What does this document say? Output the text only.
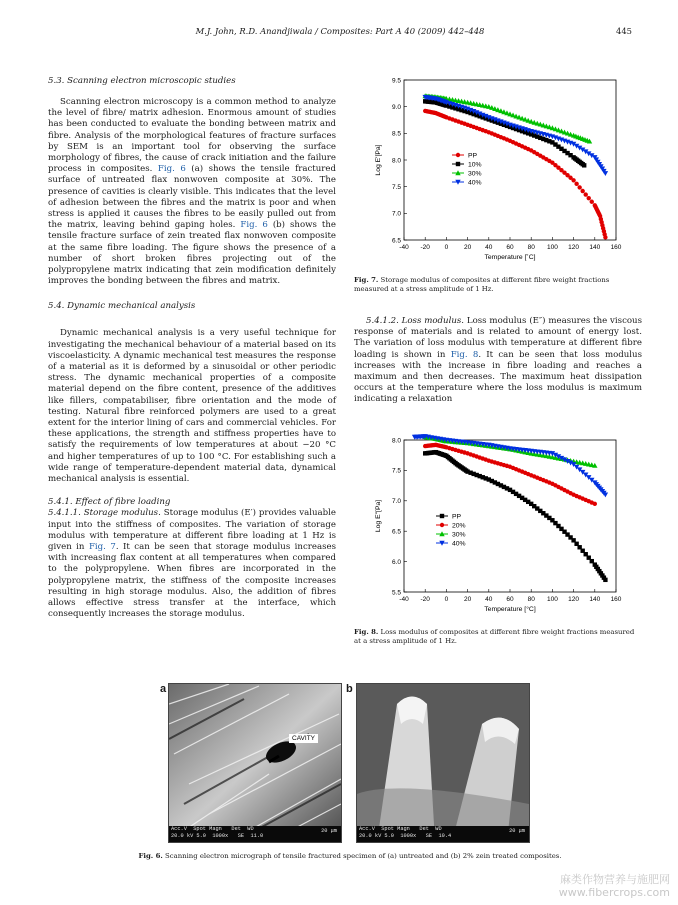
M.J. John, R.D. Anandjiwala / Composites: Part A 40 (2009) 442–448	445
5.3. Scanning electron microscopic studies

Scanning electron microscopy is a common method to analyze the level of fibre/ matrix adhesion. Enormous amount of studies has been conducted to evaluate the bonding between matrix and fibre. Analysis of the morphological features of fracture surfaces by SEM is an important tool for observing the surface morphology of fibres, the cause of crack initiation and the failure process in composites. Fig. 6 (a) shows the tensile fractured surface of untreated flax nonwoven composite at 30%. The presence of cavities is clearly visible. This indicates that the level of adhesion between the fibres and the matrix is poor and when stress is applied it causes the fibres to be easily pulled out from the matrix, leaving behind gaping holes. Fig. 6 (b) shows the tensile fracture surface of zein treated flax nonwoven composite at the same fibre loading. The figure shows the presence of a number of short broken fibres projecting out of the polypropylene matrix indicating that zein modification definitely improves the bonding between the fibres and matrix.

5.4. Dynamic mechanical analysis

Dynamic mechanical analysis is a very useful technique for investigating the mechanical behaviour of a material based on its viscoelasticity. A dynamic mechanical test measures the response of a material as it is deformed by a sinusoidal or other periodic stress. The dynamic mechanical properties of a composite material depend on the fibre content, presence of the additives like fillers, compatabiliser, fibre orientation and the mode of testing. Natural fibre reinforced polymers are used to a great extent for the interior lining of cars and commercial vehicles. For these applications, the strength and stiffness properties have to satisfy the requirements of low temperatures at about −20 °C and higher temperatures of up to 100 °C. For establishing such a wide range of temperature-dependent material data, dynamical mechanical analysis is essential.

5.4.1. Effect of fibre loading

5.4.1.1. Storage modulus. Storage modulus (E′) provides valuable input into the stiffness of composites. The variation of storage modulus with temperature at different fibre loading at 1 Hz is given in Fig. 7. It can be seen that storage modulus increases with increasing flax content at all temperatures when compared to the polypropylene. When fibres are incorporated in the polypropylene matrix, the stiffness of the composite increases resulting in high storage modulus. Also, the addition of fibres allows effective stress transfer at the interface, which consequently increases the storage modulus.

-40 -20 0 20 40 60 80 100 120 140 160
6.5
7.0
7.5
8.0
8.5
9.0
9.5
Temperature [˚C]
Log E'[Pa]	PP
10%
30%
40%
Fig. 7. Storage modulus of composites at different fibre weight fractions measured at a stress amplitude of 1 Hz.

5.4.1.2. Loss modulus. Loss modulus (E″) measures the viscous response of materials and is related to amount of energy lost. The variation of loss modulus with temperature at different fibre loading is shown in Fig. 8. It can be seen that loss modulus increases with the increase in fibre loading and reaches a maximum and then decreases. The maximum heat dissipation occurs at the temperature where the loss modulus is maximum indicating a relaxation

-40 -20 0 20 40 60 80 100 120 140 160
5.5
6.0
6.5
7.0
7.5
8.0
Temperature [°C]
Log E"[Pa]	PP
20%
30%
40%
Fig. 8. Loss modulus of composites at different fibre weight fractions measured at a stress amplitude of 1 Hz.
a
CAVITY
Acc.V  Spot Magn   Det  WD
20.0 kV 5.0  1000x   SE  11.0
20 μm
b
Acc.V  Spot Magn   Det  WD
20.0 kV 5.0  1000x   SE  10.4
20 μm
Fig. 6. Scanning electron micrograph of tensile fractured specimen of (a) untreated and (b) 2% zein treated composites.
麻类作物营养与施肥网
www.fibercrops.com
